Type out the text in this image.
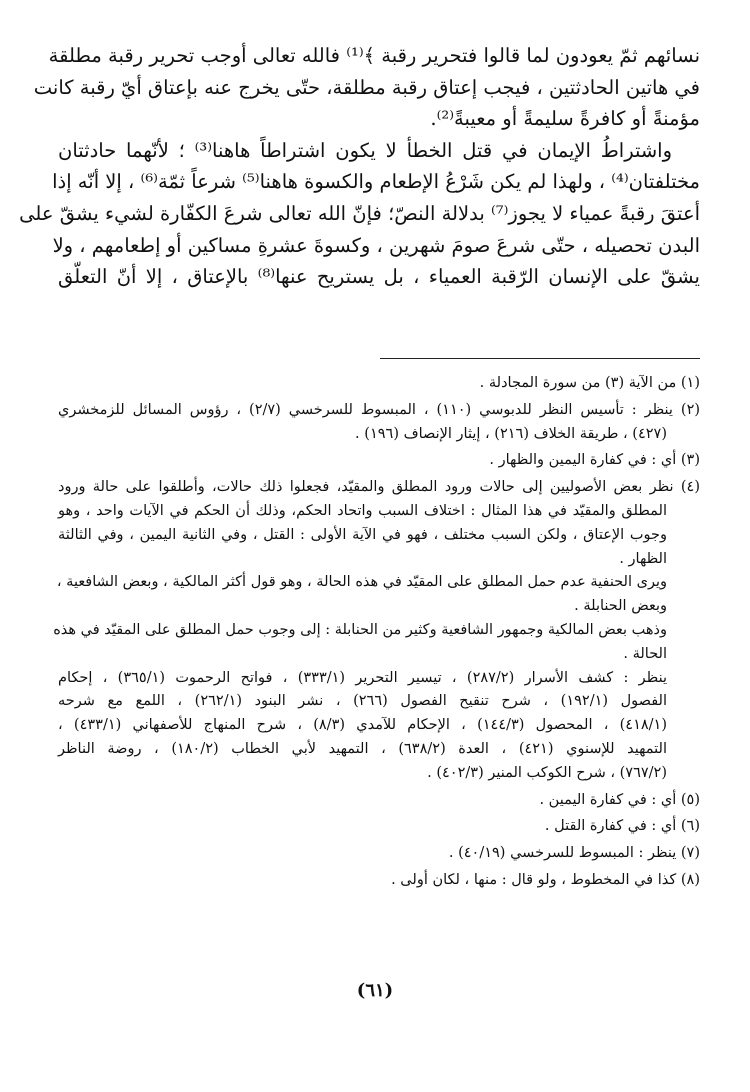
نسائهم ثمّ يعودون لما قالوا فتحرير رقبة ﴾⁽¹⁾ فالله تعالى أوجب تحرير رقبة مطلقة

في هاتين الحادثتين ، فيجب إعتاق رقبة مطلقة، حتّى يخرج عنه بإعتاق أيّ رقبة كانت

مؤمنةً أو كافرةً سليمةً أو معيبةً⁽²⁾.

واشتراطُ الإيمان في قتل الخطأ لا يكون اشتراطاً هاهنا⁽³⁾ ؛ لأنّهما حادثتان

مختلفتان⁽⁴⁾ ، ولهذا لم يكن شَرْعُ الإطعام والكسوة هاهنا⁽⁵⁾ شرعاً ثمّة⁽⁶⁾ ، إلا أنّه إذا

أعتقَ رقبةً عمياء لا يجوز⁽⁷⁾ بدلالة النصّ؛ فإنّ الله تعالى شرعَ الكفّارة لشيء يشقّ على

البدن تحصيله ، حتّى شرعَ صومَ شهرين ، وكسوةَ عشرةِ مساكين أو إطعامهم ، ولا

يشقّ على الإنسان الرّقبة العمياء ، بل يستريح عنها⁽⁸⁾ بالإعتاق ، إلا أنّ التعلّق

(١) من الآية (٣) من سورة المجادلة .

(٢) ينظر : تأسيس النظر للدبوسي (١١٠) ، المبسوط للسرخسي (٢/٧) ، رؤوس المسائل للزمخشري

(٤٢٧) ، طريقة الخلاف (٢١٦) ، إيثار الإنصاف (١٩٦) .

(٣) أي : في كفارة اليمين والظهار .

(٤) نظر بعض الأصوليين إلى حالات ورود المطلق والمقيّد، فجعلوا ذلك حالات، وأطلقوا على حالة ورود

المطلق والمقيّد في هذا المثال : اختلاف السبب واتحاد الحكم، وذلك أن الحكم في الآيات واحد ، وهو

وجوب الإعتاق ، ولكن السبب مختلف ، فهو في الآية الأولى : القتل ، وفي الثانية اليمين ، وفي الثالثة

الظهار .

ويرى الحنفية عدم حمل المطلق على المقيّد في هذه الحالة ، وهو قول أكثر المالكية ، وبعض الشافعية ،

وبعض الحنابلة .

وذهب بعض المالكية وجمهور الشافعية وكثير من الحنابلة : إلى وجوب حمل المطلق على المقيّد في هذه

الحالة .

ينظر : كشف الأسرار (٢٨٧/٢) ، تيسير التحرير (٣٣٣/١) ، فواتح الرحموت (٣٦٥/١) ، إحكام

الفصول (١٩٢/١) ، شرح تنقيح الفصول (٢٦٦) ، نشر البنود (٢٦٢/١) ، اللمع مع شرحه

(٤١٨/١) ، المحصول (١٤٤/٣) ، الإحكام للآمدي (٨/٣) ، شرح المنهاج للأصفهاني (٤٣٣/١) ،

التمهيد للإسنوي (٤٢١) ، العدة (٦٣٨/٢) ، التمهيد لأبي الخطاب (١٨٠/٢) ، روضة الناظر

(٧٦٧/٢) ، شرح الكوكب المنير (٤٠٢/٣) .

(٥) أي : في كفارة اليمين .

(٦) أي : في كفارة القتل .

(٧) ينظر : المبسوط للسرخسي (٤٠/١٩) .

(٨) كذا في المخطوط ، ولو قال : منها ، لكان أولى .

(٦١)
